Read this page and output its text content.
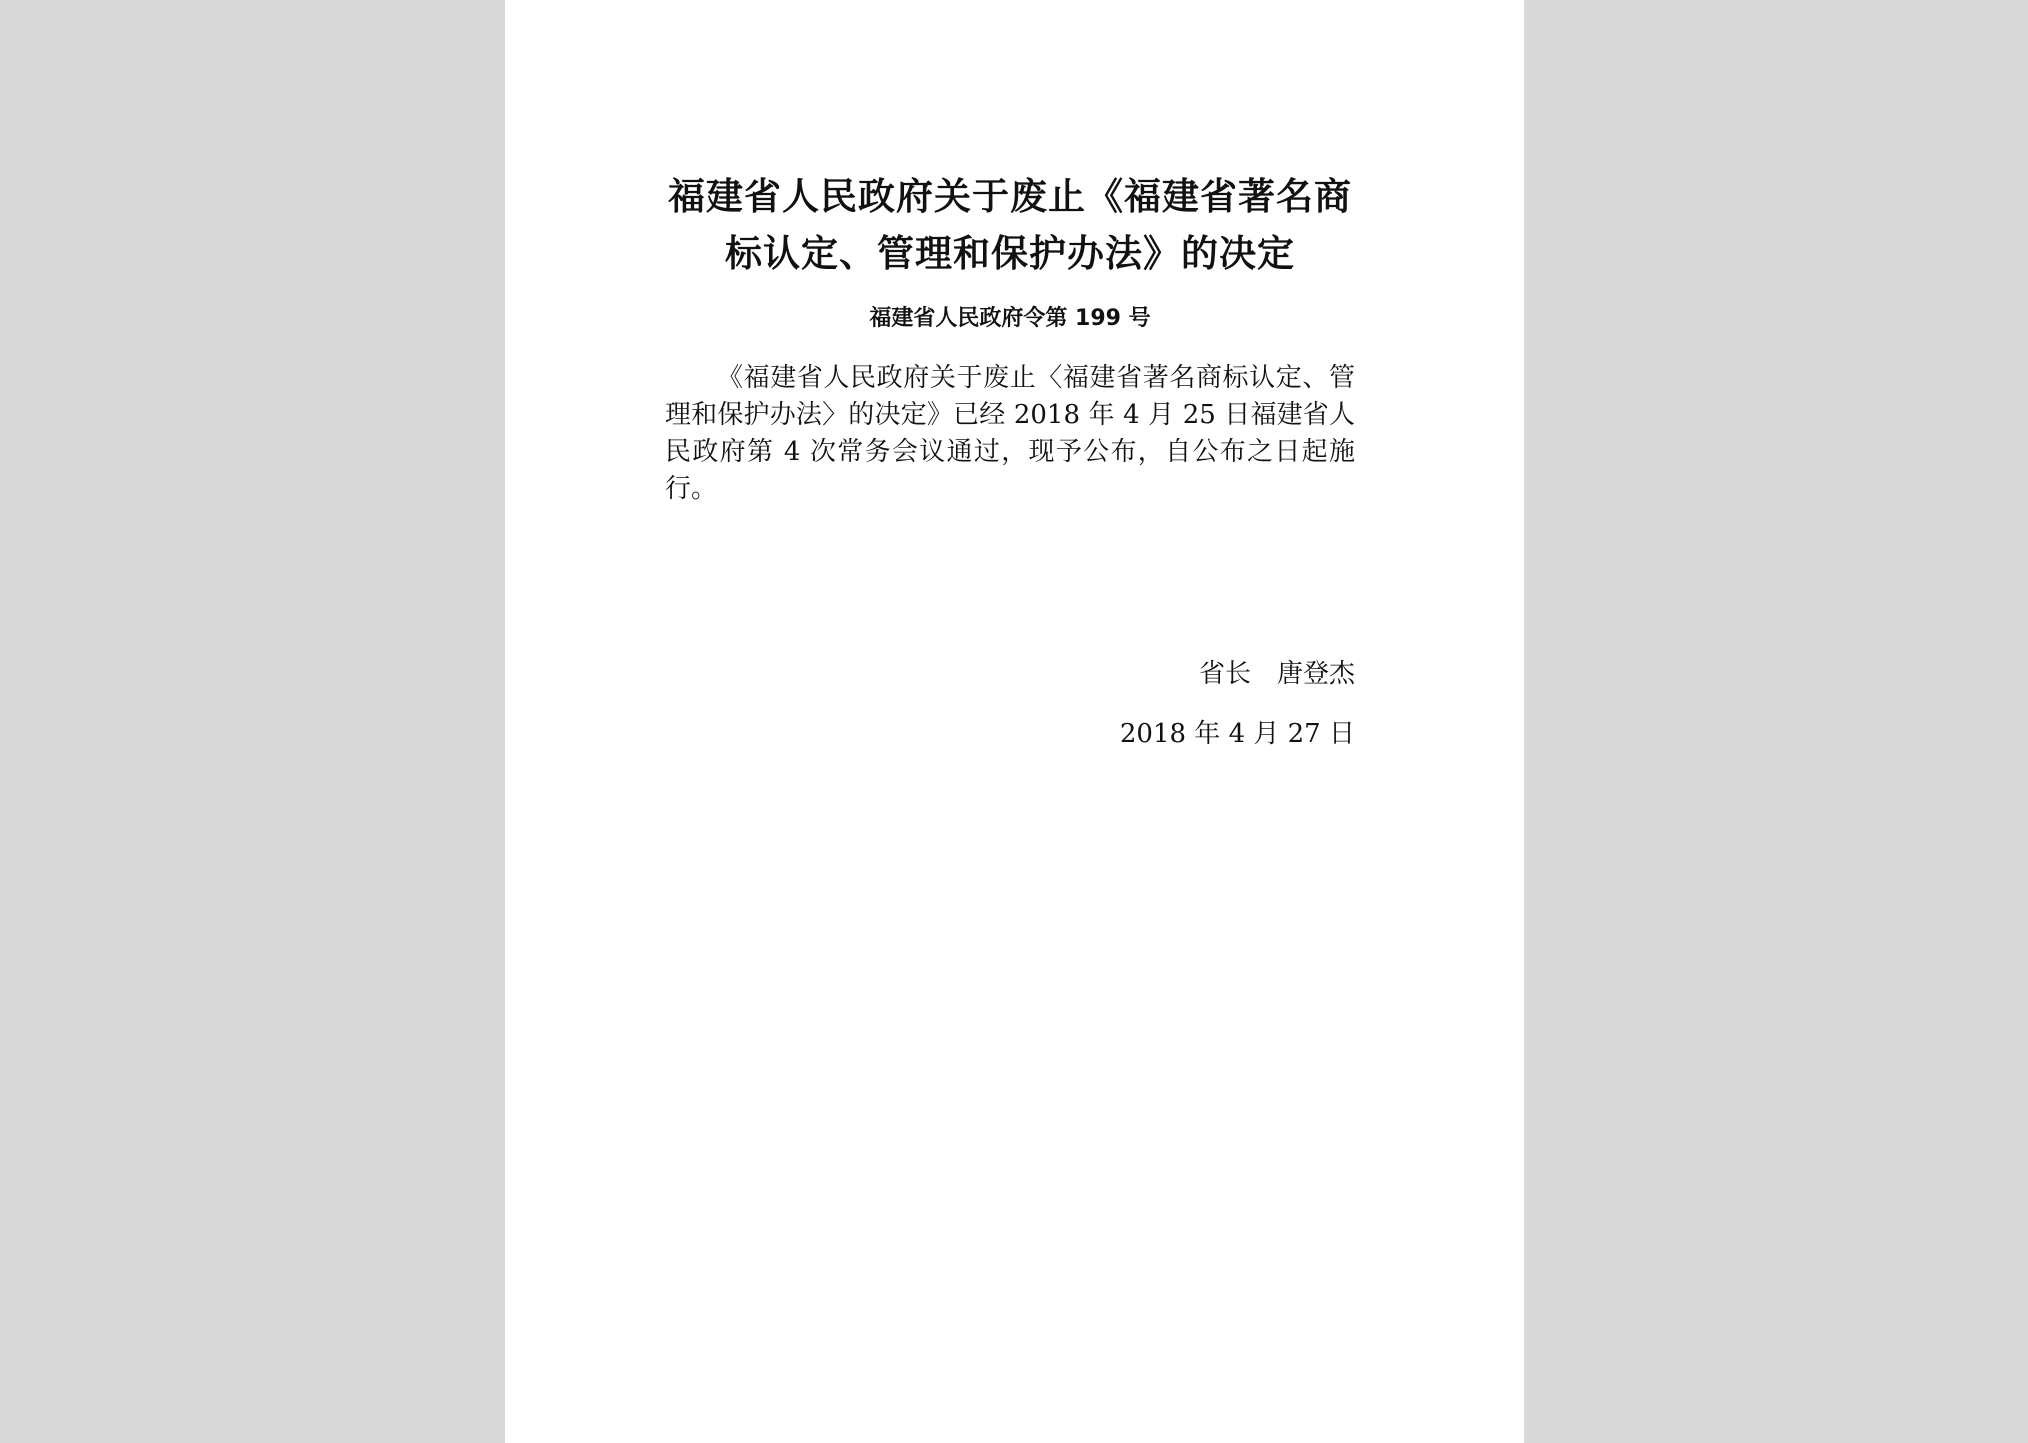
福建省人民政府关于废止《福建省著名商
标认定、管理和保护办法》的决定

福建省人民政府令第 199 号

《福建省人民政府关于废止〈福建省著名商标认定、管理和保护办法〉的决定》已经 2018 年 4 月 25 日福建省人民政府第 4 次常务会议通过，现予公布，自公布之日起施行。

省长 唐登杰
2018 年 4 月 27 日
